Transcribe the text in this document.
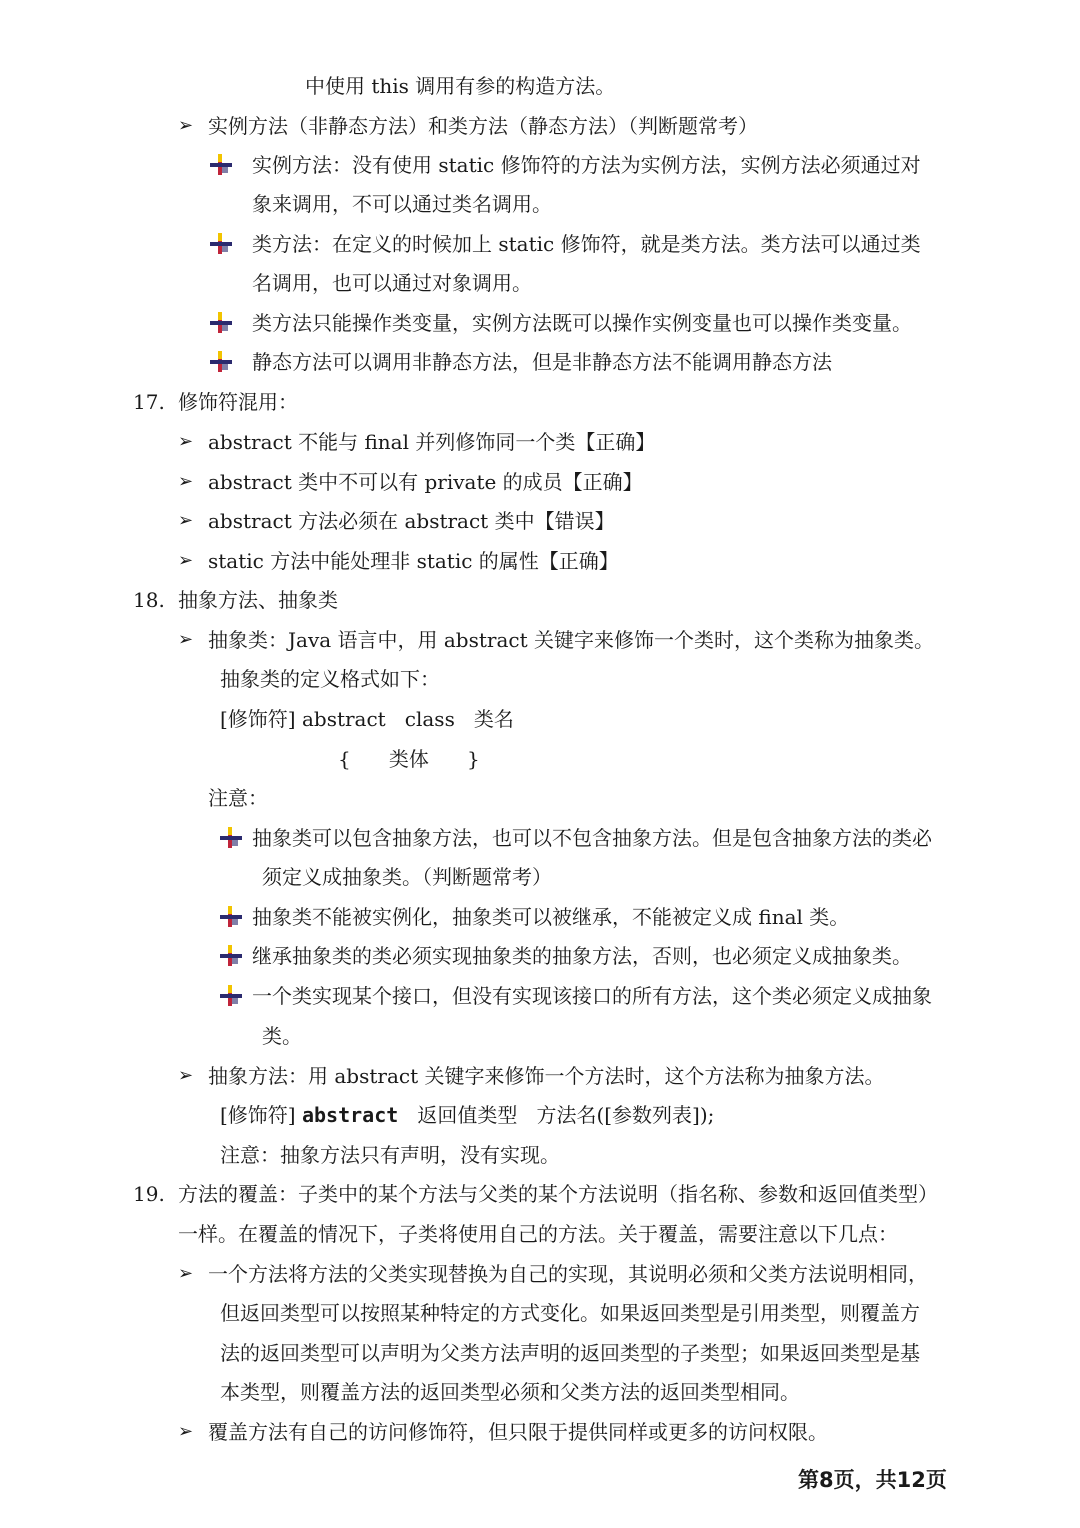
中使用 this 调用有参的构造方法。
➢ 实例方法（非静态方法）和类方法（静态方法）（判断题常考）
实例方法：没有使用 static 修饰符的方法为实例方法，实例方法必须通过对
象来调用，不可以通过类名调用。
类方法：在定义的时候加上 static 修饰符，就是类方法。类方法可以通过类
名调用，也可以通过对象调用。
类方法只能操作类变量，实例方法既可以操作实例变量也可以操作类变量。
静态方法可以调用非静态方法，但是非静态方法不能调用静态方法
17. 修饰符混用：
➢ abstract 不能与 final 并列修饰同一个类【正确】
➢ abstract 类中不可以有 private 的成员【正确】
➢ abstract 方法必须在 abstract 类中【错误】
➢ static 方法中能处理非 static 的属性【正确】
18. 抽象方法、抽象类
➢ 抽象类：Java 语言中，用 abstract 关键字来修饰一个类时，这个类称为抽象类。
抽象类的定义格式如下：
[修饰符] abstract   class   类名
{      类体      }
注意：
抽象类可以包含抽象方法，也可以不包含抽象方法。但是包含抽象方法的类必
须定义成抽象类。（判断题常考）
抽象类不能被实例化，抽象类可以被继承，不能被定义成 final 类。
继承抽象类的类必须实现抽象类的抽象方法，否则，也必须定义成抽象类。
一个类实现某个接口，但没有实现该接口的所有方法，这个类必须定义成抽象
类。
➢ 抽象方法：用 abstract 关键字来修饰一个方法时，这个方法称为抽象方法。
[修饰符] abstract   返回值类型   方法名([参数列表]);
注意：抽象方法只有声明，没有实现。
19. 方法的覆盖：子类中的某个方法与父类的某个方法说明（指名称、参数和返回值类型）
一样。在覆盖的情况下，子类将使用自己的方法。关于覆盖，需要注意以下几点：
➢ 一个方法将方法的父类实现替换为自己的实现，其说明必须和父类方法说明相同，
但返回类型可以按照某种特定的方式变化。如果返回类型是引用类型，则覆盖方
法的返回类型可以声明为父类方法声明的返回类型的子类型；如果返回类型是基
本类型，则覆盖方法的返回类型必须和父类方法的返回类型相同。
➢ 覆盖方法有自己的访问修饰符，但只限于提供同样或更多的访问权限。
第8页，共12页
